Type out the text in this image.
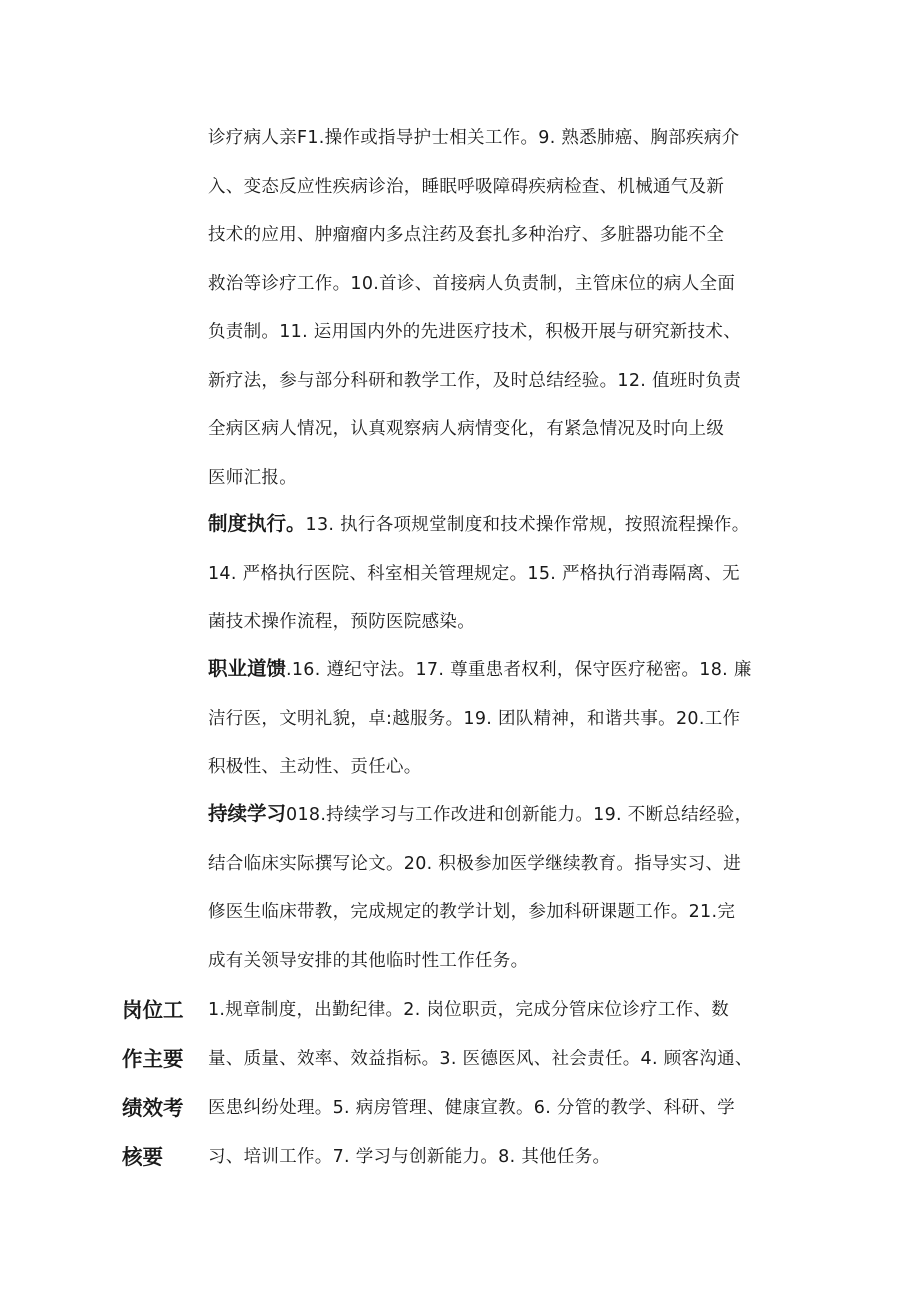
诊疗病人亲F1.操作或指导护士相关工作。9. 熟悉肺癌、胸部疾病介
入、变态反应性疾病诊治，睡眠呼吸障碍疾病检查、机械通气及新
技术的应用、肿瘤瘤内多点注药及套扎多种治疗、多脏器功能不全
救治等诊疗工作。10.首诊、首接病人负责制，主管床位的病人全面
负责制。11. 运用国内外的先进医疗技术，积极开展与研究新技术、
新疗法，参与部分科研和教学工作，及时总结经验。12. 值班时负责
全病区病人情况，认真观察病人病情变化，有紧急情况及时向上级
医师汇报。
制度执行。13. 执行各项规堂制度和技术操作常规，按照流程操作。
14. 严格执行医院、科室相关管理规定。15. 严格执行消毒隔离、无
菌技术操作流程，预防医院感染。
职业道馈.16. 遵纪守法。17. 尊重患者权利，保守医疗秘密。18. 廉
洁行医，文明礼貌，卓:越服务。19. 团队精神，和谐共事。20.工作
积极性、主动性、贡任心。
持续学习018.持续学习与工作改进和创新能力。19. 不断总结经验，
结合临床实际撰写论文。20. 积极参加医学继续教育。指导实习、进
修医生临床带教，完成规定的教学计划，参加科研课题工作。21.完
成有关领导安排的其他临时性工作任务。
岗位工
作主要
绩效考
核要
1.规章制度，出勤纪律。2. 岗位职贡，完成分管床位诊疗工作、数
量、质量、效率、效益指标。3. 医德医风、社会责任。4. 顾客沟通、
医患纠纷处理。5. 病房管理、健康宣教。6. 分管的教学、科研、学
习、培训工作。7. 学习与创新能力。8. 其他任务。
